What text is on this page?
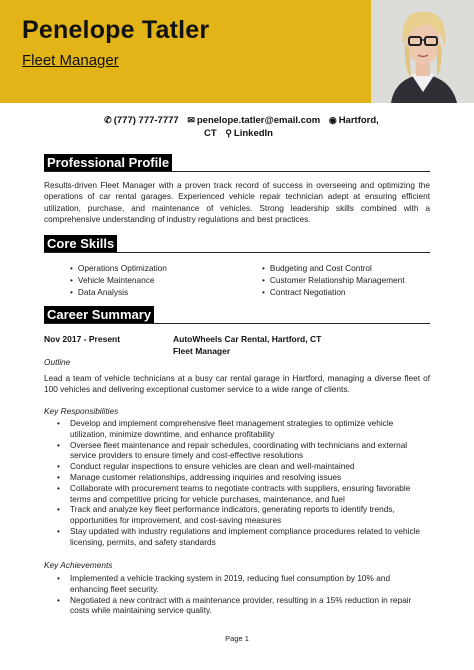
Penelope Tatler
Fleet Manager
✆ (777) 777-7777 ✉ penelope.tatler@email.com ◉ Hartford, CT ⚲ LinkedIn
Professional Profile
Results-driven Fleet Manager with a proven track record of success in overseeing and optimizing the operations of car rental garages. Experienced vehicle repair technician adept at ensuring efficient utilization, purchase, and maintenance of vehicles. Strong leadership skills combined with a comprehensive understanding of industry regulations and best practices.
Core Skills
• Operations Optimization
• Vehicle Maintenance
• Data Analysis
• Budgeting and Cost Control
• Customer Relationship Management
• Contract Negotiation
Career Summary
Nov 2017 - Present	AutoWheels Car Rental, Hartford, CT
Fleet Manager
Outline
Lead a team of vehicle technicians at a busy car rental garage in Hartford, managing a diverse fleet of 100 vehicles and delivering exceptional customer service to a wide range of clients.
Key Responsibilities
• Develop and implement comprehensive fleet management strategies to optimize vehicle utilization, minimize downtime, and enhance profitability
• Oversee fleet maintenance and repair schedules, coordinating with technicians and external service providers to ensure timely and cost-effective resolutions
• Conduct regular inspections to ensure vehicles are clean and well-maintained
• Manage customer relationships, addressing inquiries and resolving issues
• Collaborate with procurement teams to negotiate contracts with suppliers, ensuring favorable terms and competitive pricing for vehicle purchases, maintenance, and fuel
• Track and analyze key fleet performance indicators, generating reports to identify trends, opportunities for improvement, and cost-saving measures
• Stay updated with industry regulations and implement compliance procedures related to vehicle licensing, permits, and safety standards
Key Achievements
• Implemented a vehicle tracking system in 2019, reducing fuel consumption by 10% and enhancing fleet security.
• Negotiated a new contract with a maintenance provider, resulting in a 15% reduction in repair costs while maintaining service quality.
Page 1
